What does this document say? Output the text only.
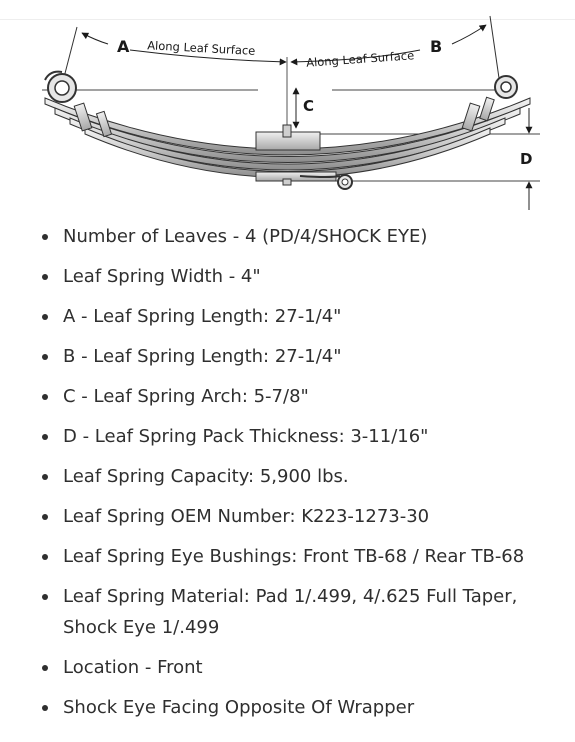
A Along Leaf Surface
Along Leaf Surface
B
C
D
Number of Leaves - 4 (PD/4/SHOCK EYE)
Leaf Spring Width - 4"
A - Leaf Spring Length: 27-1/4"
B - Leaf Spring Length: 27-1/4"
C - Leaf Spring Arch: 5-7/8"
D - Leaf Spring Pack Thickness: 3-11/16"
Leaf Spring Capacity: 5,900 lbs.
Leaf Spring OEM Number: K223-1273-30
Leaf Spring Eye Bushings: Front TB-68 / Rear TB-68
Leaf Spring Material: Pad 1/.499, 4/.625 Full Taper, Shock Eye 1/.499
Location - Front
Shock Eye Facing Opposite Of Wrapper
